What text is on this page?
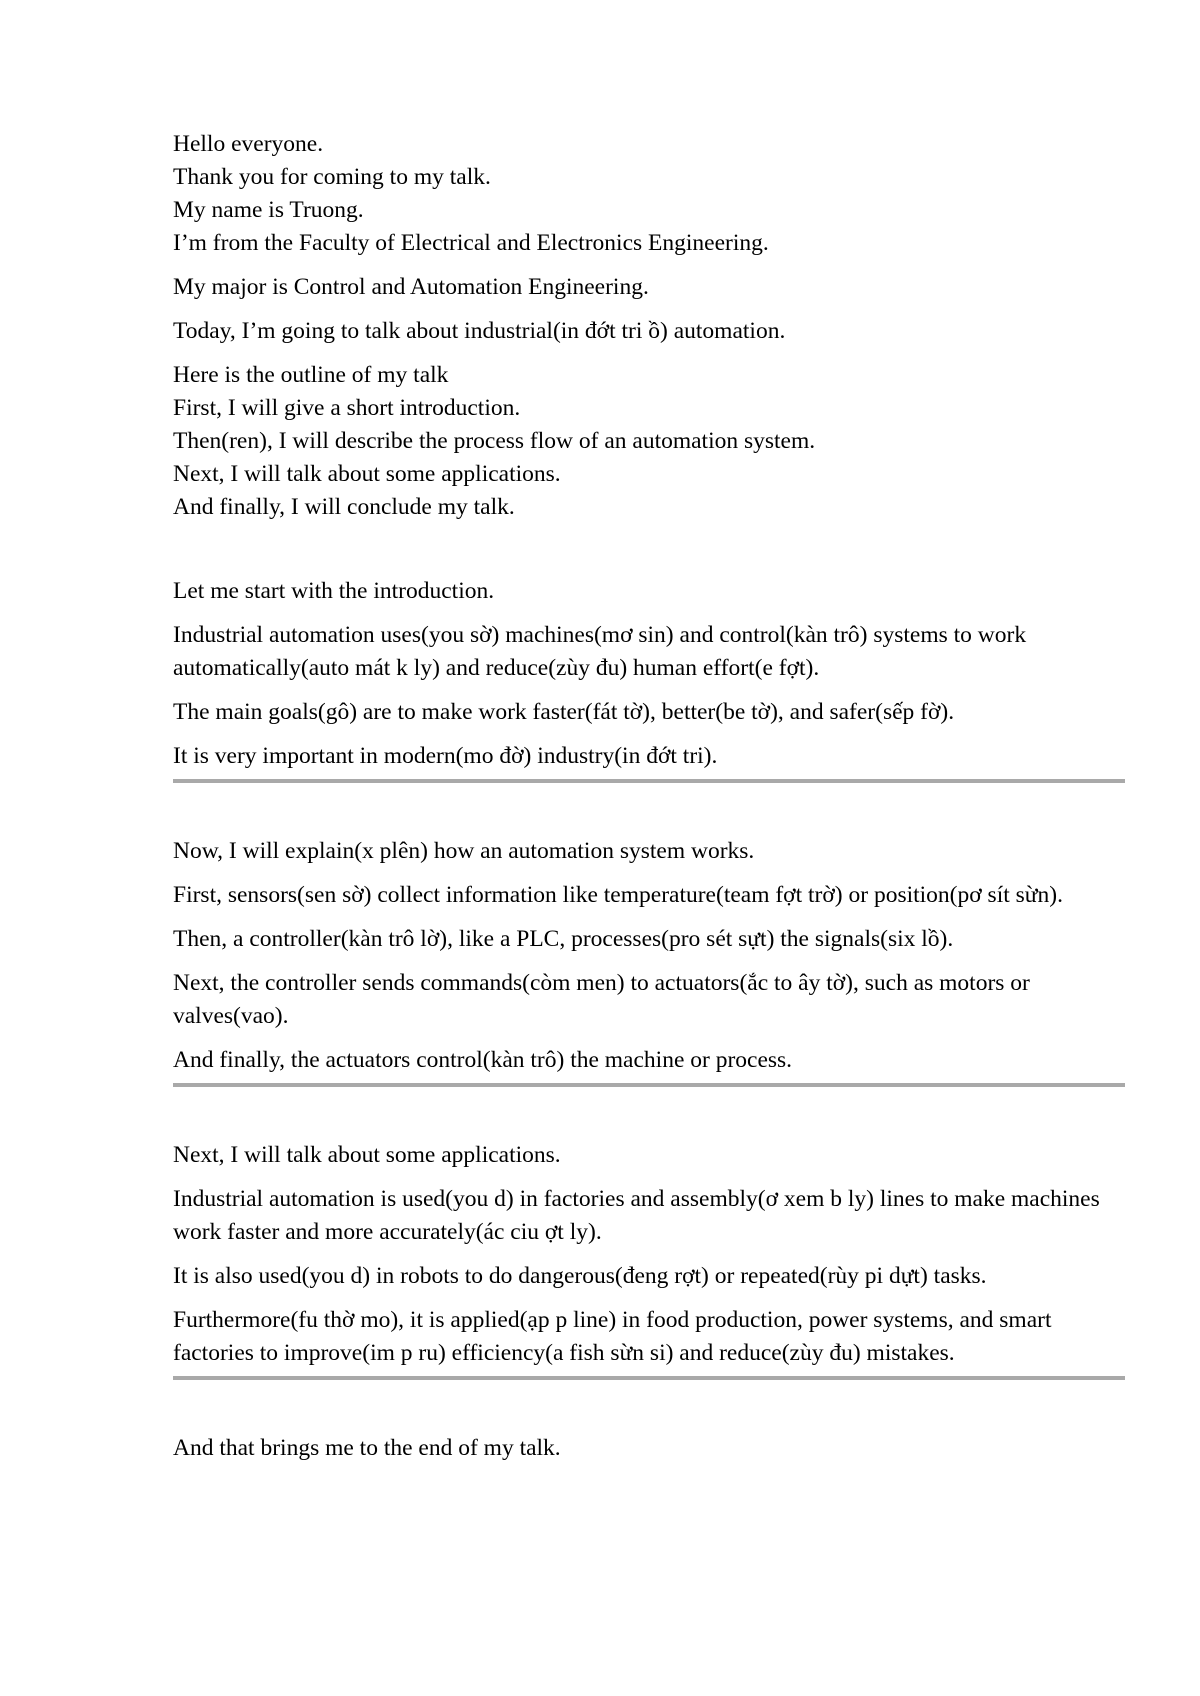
Hello everyone.

Thank you for coming to my talk.

My name is Truong.

I’m from the Faculty of Electrical and Electronics Engineering.

My major is Control and Automation Engineering.

Today, I’m going to talk about industrial(in đớt tri ồ) automation.

Here is the outline of my talk

First, I will give a short introduction.

Then(ren), I will describe the process flow of an automation system.

Next, I will talk about some applications.

And finally, I will conclude my talk.

Let me start with the introduction.

Industrial automation uses(you sờ) machines(mơ sin) and control(kàn trô) systems to work automatically(auto mát k ly) and reduce(zùy đu) human effort(e fợt).

The main goals(gô) are to make work faster(fát tờ), better(be tờ), and safer(sếp fờ).

It is very important in modern(mo đờ) industry(in đớt tri).

Now, I will explain(x plên) how an automation system works.

First, sensors(sen sờ) collect information like temperature(team fợt trờ) or position(pơ sít sừn).

Then, a controller(kàn trô lờ), like a PLC, processes(pro sét sựt) the signals(six lồ).

Next, the controller sends commands(còm men) to actuators(ắc to ây tờ), such as motors or valves(vao).

And finally, the actuators control(kàn trô) the machine or process.

Next, I will talk about some applications.

Industrial automation is used(you d) in factories and assembly(ơ xem b ly) lines to make machines work faster and more accurately(ác ciu ợt ly).

It is also used(you d) in robots to do dangerous(đeng rợt) or repeated(rùy pi dựt) tasks.

Furthermore(fu thờ mo), it is applied(ạp p line) in food production, power systems, and smart factories to improve(im p ru) efficiency(a fish sừn si) and reduce(zùy đu) mistakes.

And that brings me to the end of my talk.
